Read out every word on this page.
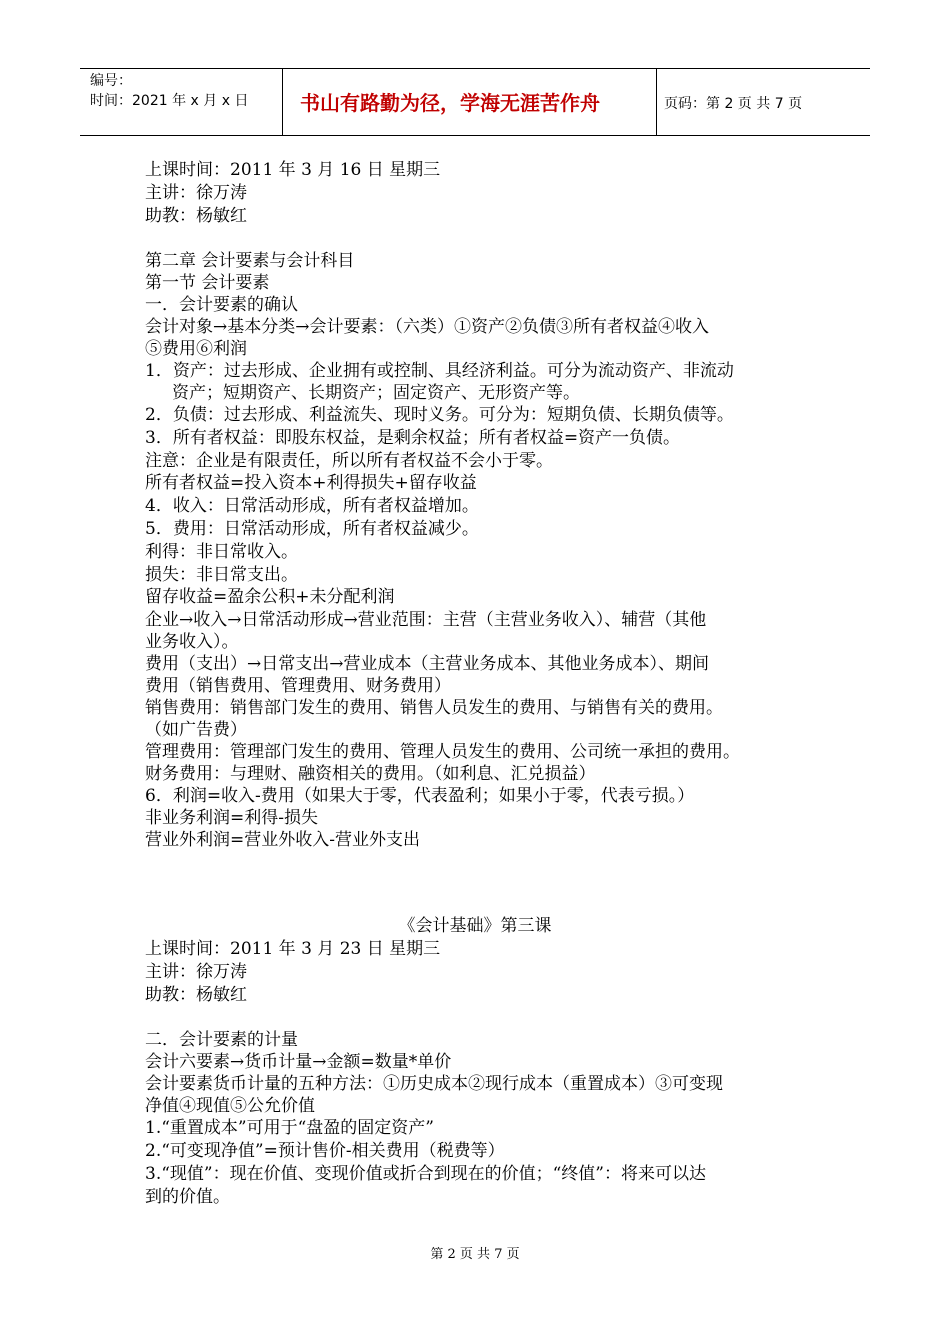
编号：
时间：2021 年 x 月 x 日	书山有路勤为径，学海无涯苦作舟	页码：第 2 页 共 7 页
上课时间：2011 年 3 月 16 日 星期三
主讲：徐万涛
助教：杨敏红
第二章 会计要素与会计科目
第一节 会计要素
一．会计要素的确认
会计对象→基本分类→会计要素：（六类）①资产②负债③所有者权益④收入
⑤费用⑥利润
1．资产：过去形成、企业拥有或控制、具经济利益。可分为流动资产、非流动
资产；短期资产、长期资产；固定资产、无形资产等。
2．负债：过去形成、利益流失、现时义务。可分为：短期负债、长期负债等。
3．所有者权益：即股东权益，是剩余权益；所有者权益=资产一负债。
注意：企业是有限责任，所以所有者权益不会小于零。
所有者权益=投入资本+利得损失+留存收益
4．收入：日常活动形成，所有者权益增加。
5．费用：日常活动形成，所有者权益减少。
利得：非日常收入。
损失：非日常支出。
留存收益=盈余公积+未分配利润
企业→收入→日常活动形成→营业范围：主营（主营业务收入）、辅营（其他
业务收入）。
费用（支出）→日常支出→营业成本（主营业务成本、其他业务成本）、期间
费用（销售费用、管理费用、财务费用）
销售费用：销售部门发生的费用、销售人员发生的费用、与销售有关的费用。
（如广告费）
管理费用：管理部门发生的费用、管理人员发生的费用、公司统一承担的费用。
财务费用：与理财、融资相关的费用。（如利息、汇兑损益）
6．利润=收入-费用（如果大于零，代表盈利；如果小于零，代表亏损。）
非业务利润=利得-损失
营业外利润=营业外收入-营业外支出
《会计基础》第三课
上课时间：2011 年 3 月 23 日 星期三
主讲：徐万涛
助教：杨敏红
二．会计要素的计量
会计六要素→货币计量→金额=数量*单价
会计要素货币计量的五种方法：①历史成本②现行成本（重置成本）③可变现
净值④现值⑤公允价值
1.“重置成本”可用于“盘盈的固定资产”
2.“可变现净值”=预计售价-相关费用（税费等）
3.“现值”：现在价值、变现价值或折合到现在的价值；“终值”：将来可以达
到的价值。
第 2 页 共 7 页
